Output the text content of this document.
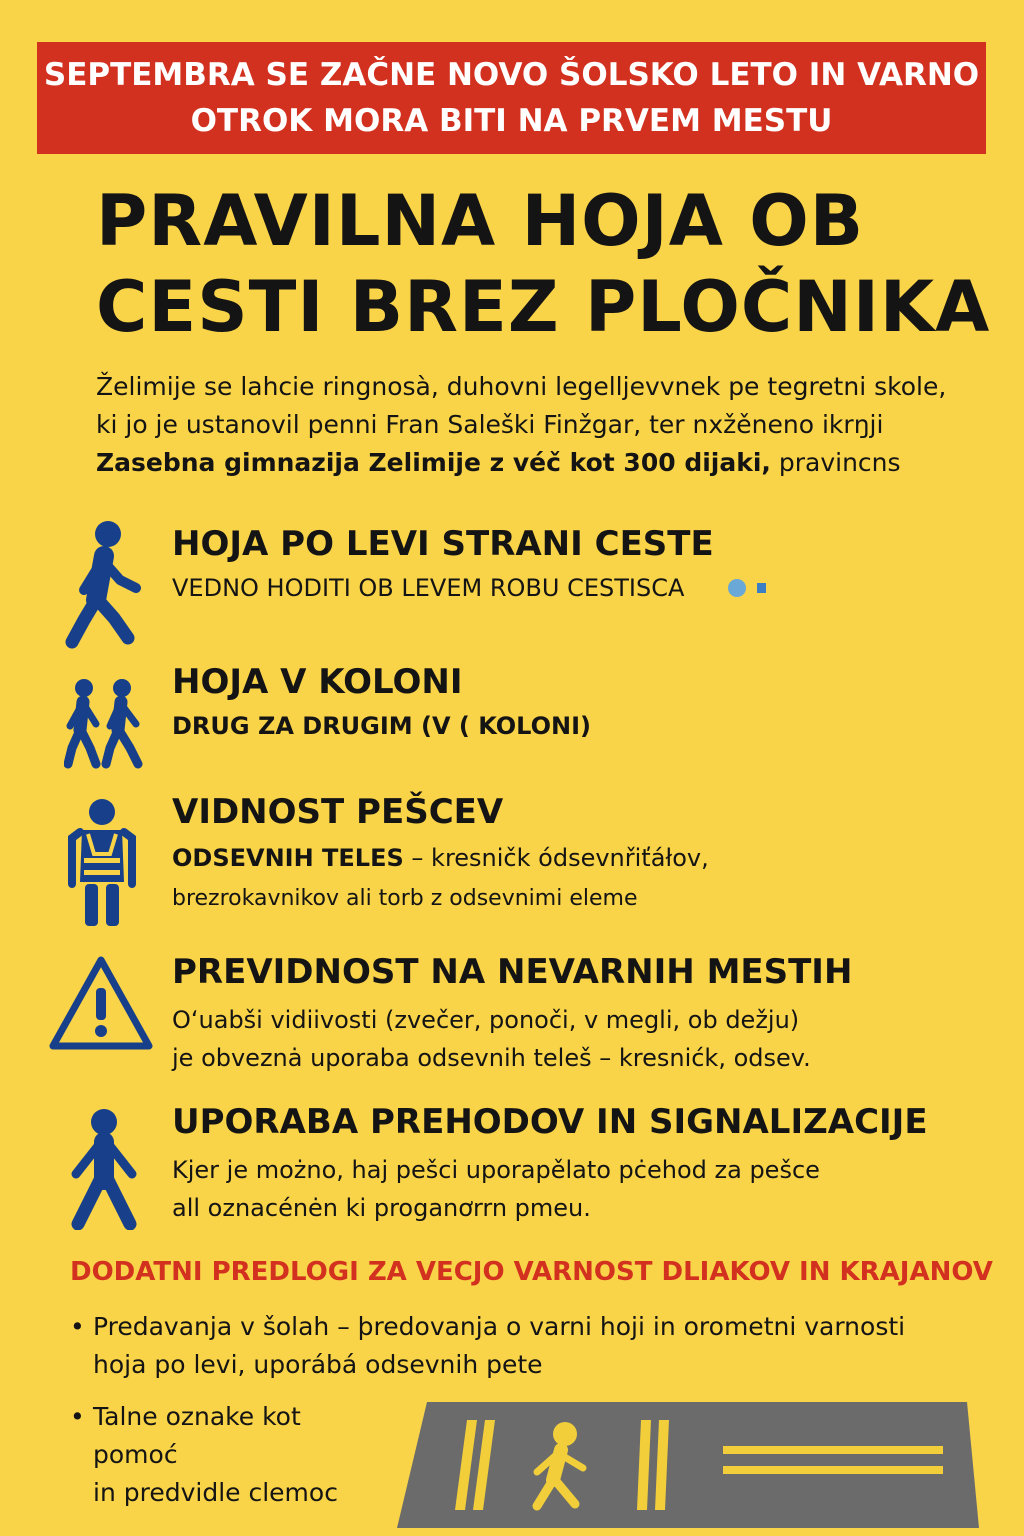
SEPTEMBRA SE ZAČNE NOVO ŠOLSKO LETO IN VARNO
OTROK MORA BITI NA PRVEM MESTU
PRAVILNA HOJA OB
CESTI BREZ PLOČNIKA
Želimije se lahcie ringnosà, duhovni legelljevvnek pe tegretni skole,
ki jo je ustanovil penni Fran Saleški Finžgar, ter nxžěneno ikrŋji
Zasebna gimnazija Zelimije z véč kot 300 dijaki, pravincns
HOJA PO LEVI STRANI CESTE
VEDNO HODITI OB LEVEM ROBU CESTISCA
HOJA V KOLONI
DRUG ZA DRUGIM (V ( KOLONI)
VIDNOST PEŠCEV
ODSEVNIH TELES – kresničk ódsevnřiťáłov,
brezrokavnikov ali torb z odsevnimi eleme
PREVIDNOST NA NEVARNIH MESTIH
Oʻuabši vidiivosti (zvečer, ponoči, v megli, ob dežju)
je obveznȧ uporaba odsevnih teleš – kresnićk, odsev.
UPORABA PREHODOV IN SIGNALIZACIJE
Kjer je możno, haj pešci uporapělato pċehod za pešce
all oznacénėn ki proganơrrn pmeu.
DODATNI PREDLOGI ZA VECJO VARNOST DLIAKOV IN KRAJANOV
• Predavanja v šolah – þredovanja o varni hoji in orometni varnosti
hoja po levi, uporábá odsevnih pete
• Talne oznake kot pomoć
in predvidle clemoc
